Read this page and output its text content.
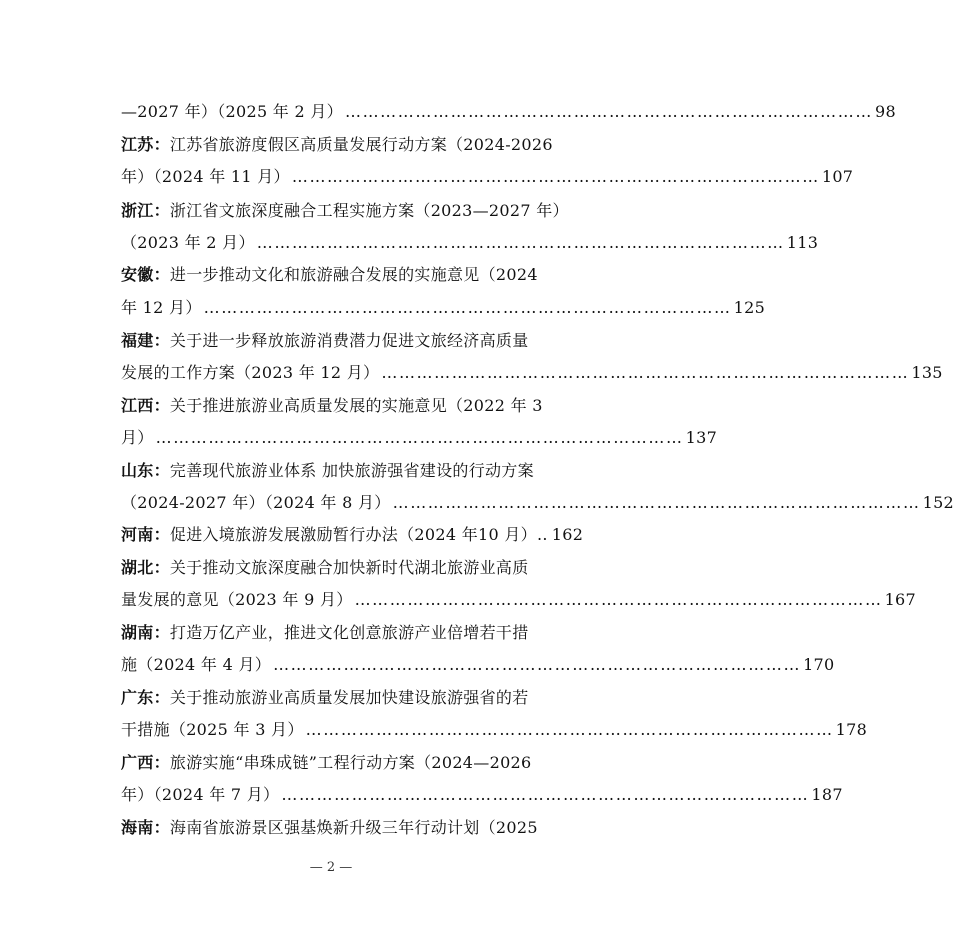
—2027 年）（2025 年 2 月） ……………………………………………………………………………… 98
江苏：江苏省旅游度假区高质量发展行动方案（2024-2026
年）（2024 年 11 月） ……………………………………………………………………………… 107
浙江：浙江省文旅深度融合工程实施方案（2023—2027 年）
（2023 年 2 月） ……………………………………………………………………………… 113
安徽：进一步推动文化和旅游融合发展的实施意见（2024
年 12 月） ……………………………………………………………………………… 125
福建：关于进一步释放旅游消费潜力促进文旅经济高质量
发展的工作方案（2023 年 12 月） ……………………………………………………………………………… 135
江西：关于推进旅游业高质量发展的实施意见（2022 年 3
月） ……………………………………………………………………………… 137
山东：完善现代旅游业体系 加快旅游强省建设的行动方案
（2024-2027 年）（2024 年 8 月） ……………………………………………………………………………… 152
河南：促进入境旅游发展激励暂行办法（2024 年10 月）.. 162
湖北：关于推动文旅深度融合加快新时代湖北旅游业高质
量发展的意见（2023 年 9 月） ……………………………………………………………………………… 167
湖南：打造万亿产业，推进文化创意旅游产业倍增若干措
施（2024 年 4 月） ……………………………………………………………………………… 170
广东：关于推动旅游业高质量发展加快建设旅游强省的若
干措施（2025 年 3 月） ……………………………………………………………………………… 178
广西：旅游实施“串珠成链”工程行动方案（2024—2026
年）（2024 年 7 月） ……………………………………………………………………………… 187
海南：海南省旅游景区强基焕新升级三年行动计划（2025
— 2 —
